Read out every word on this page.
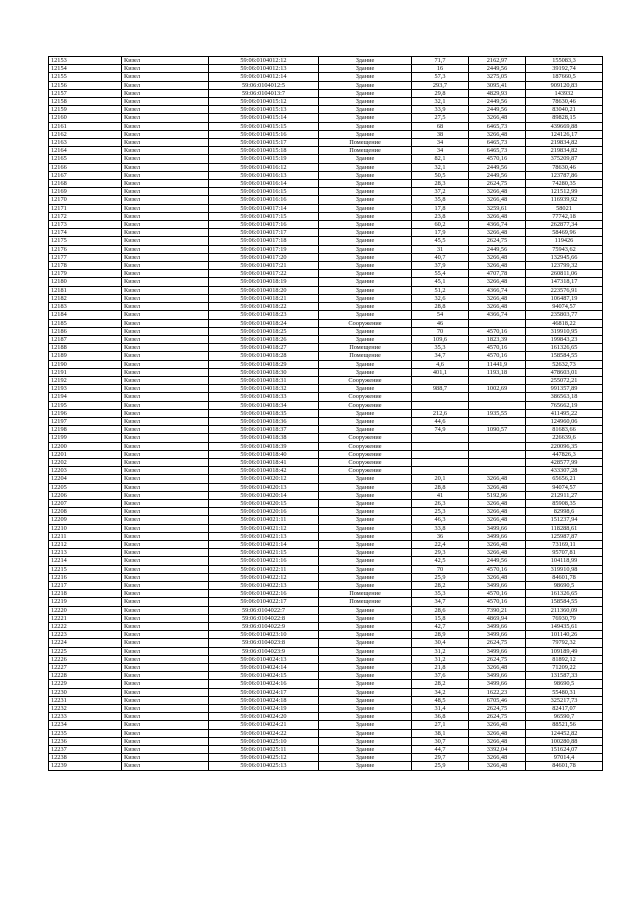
12153	Кизел	59:06:0104012:12	Здание	71,7	2162,97	155083,3
12154	Кизел	59:06:0104012:13	Здание	16	2449,56	39192,74
12155	Кизел	59:06:0104012:14	Здание	57,3	3275,05	187660,5
12156	Кизел	59:06:0104012:5	Здание	293,7	3095,41	909120,83
12157	Кизел	59:06:0104013:7	Здание	29,8	4829,93	143932
12158	Кизел	59:06:0104015:12	Здание	32,1	2449,56	78630,46
12159	Кизел	59:06:0104015:13	Здание	33,9	2449,56	83040,21
12160	Кизел	59:06:0104015:14	Здание	27,5	3266,48	89828,15
12161	Кизел	59:06:0104015:15	Здание	68	6465,73	439669,88
12162	Кизел	59:06:0104015:16	Здание	38	3266,48	124126,17
12163	Кизел	59:06:0104015:17	Помещение	34	6465,73	219834,82
12164	Кизел	59:06:0104015:18	Помещение	34	6465,73	219834,82
12165	Кизел	59:06:0104015:19	Здание	82,1	4570,16	375209,87
12166	Кизел	59:06:0104016:12	Здание	32,1	2449,56	78630,46
12167	Кизел	59:06:0104016:13	Здание	50,5	2449,56	123787,86
12168	Кизел	59:06:0104016:14	Здание	28,3	2624,75	74280,35
12169	Кизел	59:06:0104016:15	Здание	37,2	3266,48	121512,99
12170	Кизел	59:06:0104016:16	Здание	35,8	3266,48	116939,92
12171	Кизел	59:06:0104017:14	Здание	17,8	3259,61	58021
12172	Кизел	59:06:0104017:15	Здание	23,8	3266,48	77742,18
12173	Кизел	59:06:0104017:16	Здание	60,2	4366,74	262877,34
12174	Кизел	59:06:0104017:17	Здание	17,9	3266,48	58469,96
12175	Кизел	59:06:0104017:18	Здание	45,5	2624,75	119426
12176	Кизел	59:06:0104017:19	Здание	31	2449,56	75943,62
12177	Кизел	59:06:0104017:20	Здание	40,7	3266,48	132945,66
12178	Кизел	59:06:0104017:21	Здание	37,9	3266,48	123799,32
12179	Кизел	59:06:0104017:22	Здание	55,4	4707,78	260811,06
12180	Кизел	59:06:0104018:19	Здание	45,1	3266,48	147318,17
12181	Кизел	59:06:0104018:20	Здание	51,2	4366,74	223576,91
12182	Кизел	59:06:0104018:21	Здание	32,6	3266,48	106487,19
12183	Кизел	59:06:0104018:22	Здание	28,8	3266,48	94074,57
12184	Кизел	59:06:0104018:23	Здание	54	4366,74	235803,77
12185	Кизел	59:06:0104018:24	Сооружение	46		46818,22
12186	Кизел	59:06:0104018:25	Здание	70	4570,16	319910,95
12187	Кизел	59:06:0104018:26	Здание	109,6	1823,39	199843,23
12188	Кизел	59:06:0104018:27	Помещение	35,3	4570,16	161326,65
12189	Кизел	59:06:0104018:28	Помещение	34,7	4570,16	158584,55
12190	Кизел	59:06:0104018:29	Здание	4,6	11441,9	52632,73
12191	Кизел	59:06:0104018:30	Здание	401,1	1193,18	478603,01
12192	Кизел	59:06:0104018:31	Сооружение			255072,21
12193	Кизел	59:06:0104018:32	Здание	988,7	1002,69	991357,89
12194	Кизел	59:06:0104018:33	Сооружение			386563,18
12195	Кизел	59:06:0104018:34	Сооружение			765662,19
12196	Кизел	59:06:0104018:35	Здание	212,6	1935,55	411495,22
12197	Кизел	59:06:0104018:36	Здание	44,6		124960,06
12198	Кизел	59:06:0104018:37	Здание	74,9	1090,57	81683,66
12199	Кизел	59:06:0104018:38	Сооружение			226639,6
12200	Кизел	59:06:0104018:39	Сооружение			220096,35
12201	Кизел	59:06:0104018:40	Сооружение			447826,3
12202	Кизел	59:06:0104018:41	Сооружение			428577,99
12203	Кизел	59:06:0104018:42	Сооружение			433307,28
12204	Кизел	59:06:0104020:12	Здание	20,1	3266,48	65656,21
12205	Кизел	59:06:0104020:13	Здание	28,8	3266,48	94074,57
12206	Кизел	59:06:0104020:14	Здание	41	5192,96	212911,27
12207	Кизел	59:06:0104020:15	Здание	26,3	3266,48	85908,35
12208	Кизел	59:06:0104020:16	Здание	25,3	3266,48	82998,6
12209	Кизел	59:06:0104021:11	Здание	46,3	3266,48	151237,94
12210	Кизел	59:06:0104021:12	Здание	33,8	3499,66	118288,61
12211	Кизел	59:06:0104021:13	Здание	36	3499,66	125987,87
12212	Кизел	59:06:0104021:14	Здание	22,4	3266,48	73169,11
12213	Кизел	59:06:0104021:15	Здание	29,3	3266,48	95707,81
12214	Кизел	59:06:0104021:16	Здание	42,5	2449,56	104118,99
12215	Кизел	59:06:0104022:11	Здание	70	4570,16	319910,98
12216	Кизел	59:06:0104022:12	Здание	25,9	3266,48	84601,78
12217	Кизел	59:06:0104022:13	Здание	28,2	3499,66	98690,5
12218	Кизел	59:06:0104022:16	Помещение	35,3	4570,16	161326,65
12219	Кизел	59:06:0104022:17	Помещение	34,7	4570,16	158584,55
12220	Кизел	59:06:0104022:7	Здание	28,6	7390,21	211360,09
12221	Кизел	59:06:0104022:8	Здание	15,8	4869,94	76930,79
12222	Кизел	59:06:0104022:9	Здание	42,7	3499,66	149435,61
12223	Кизел	59:06:0104023:10	Здание	28,9	3499,66	101140,26
12224	Кизел	59:06:0104023:8	Здание	30,4	2624,75	79792,32
12225	Кизел	59:06:0104023:9	Здание	31,2	3499,66	109189,49
12226	Кизел	59:06:0104024:13	Здание	31,2	2624,75	81892,12
12227	Кизел	59:06:0104024:14	Здание	21,8	3266,48	71209,22
12228	Кизел	59:06:0104024:15	Здание	37,6	3499,66	131587,33
12229	Кизел	59:06:0104024:16	Здание	28,2	3499,66	98690,5
12230	Кизел	59:06:0104024:17	Здание	34,2	1622,23	55480,31
12231	Кизел	59:06:0104024:18	Здание	48,5	6705,46	325217,73
12232	Кизел	59:06:0104024:19	Здание	31,4	2624,75	82417,07
12233	Кизел	59:06:0104024:20	Здание	36,8	2624,75	96590,7
12234	Кизел	59:06:0104024:21	Здание	27,1	3266,48	88521,56
12235	Кизел	59:06:0104024:22	Здание	38,1	3266,48	124452,82
12236	Кизел	59:06:0104025:10	Здание	30,7	3266,48	100280,88
12237	Кизел	59:06:0104025:11	Здание	44,7	3392,04	151624,07
12238	Кизел	59:06:0104025:12	Здание	29,7	3266,48	97014,4
12239	Кизел	59:06:0104025:13	Здание	25,9	3266,48	84601,78
